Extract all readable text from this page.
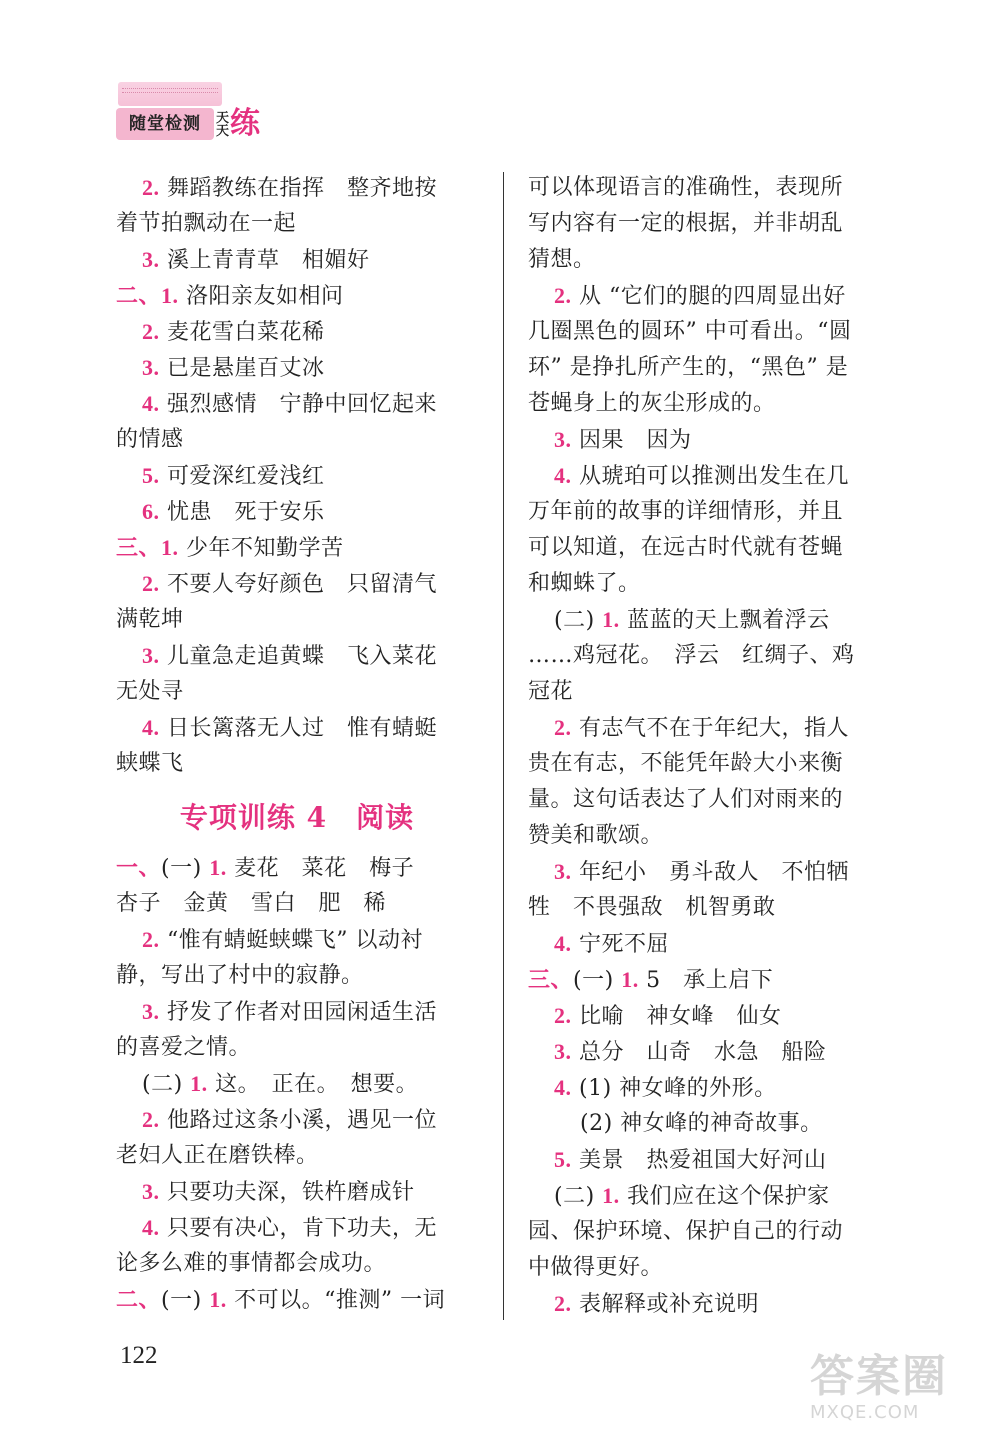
随堂检测	天天 练
2. 舞蹈教练在指挥　整齐地按
着节拍飘动在一起
3. 溪上青青草　相媚好
二、1. 洛阳亲友如相问
2. 麦花雪白菜花稀
3. 已是悬崖百丈冰
4. 强烈感情　宁静中回忆起来
的情感
5. 可爱深红爱浅红
6. 忧患　死于安乐
三、1. 少年不知勤学苦
2. 不要人夸好颜色　只留清气
满乾坤
3. 儿童急走追黄蝶　飞入菜花
无处寻
4. 日长篱落无人过　惟有蜻蜓
蛱蝶飞
专项训练 4　阅读
一、(一) 1. 麦花　菜花　梅子
杏子　金黄　雪白　肥　稀
2. “惟有蜻蜓蛱蝶飞” 以动衬
静，写出了村中的寂静。
3. 抒发了作者对田园闲适生活
的喜爱之情。
(二) 1. 这。　正在。　想要。
2. 他路过这条小溪，遇见一位
老妇人正在磨铁棒。
3. 只要功夫深，铁杵磨成针
4. 只要有决心，肯下功夫，无
论多么难的事情都会成功。
二、(一) 1. 不可以。“推测” 一词
可以体现语言的准确性，表现所
写内容有一定的根据，并非胡乱
猜想。
2. 从 “它们的腿的四周显出好
几圈黑色的圆环” 中可看出。“圆
环” 是挣扎所产生的，“黑色” 是
苍蝇身上的灰尘形成的。
3. 因果　因为
4. 从琥珀可以推测出发生在几
万年前的故事的详细情形，并且
可以知道，在远古时代就有苍蝇
和蜘蛛了。
(二) 1. 蓝蓝的天上飘着浮云
……鸡冠花。　浮云　红绸子、鸡
冠花
2. 有志气不在于年纪大，指人
贵在有志，不能凭年龄大小来衡
量。这句话表达了人们对雨来的
赞美和歌颂。
3. 年纪小　勇斗敌人　不怕牺
牲　不畏强敌　机智勇敢
4. 宁死不屈
三、(一) 1. 5　承上启下
2. 比喻　神女峰　仙女
3. 总分　山奇　水急　船险
4. (1) 神女峰的外形。
(2) 神女峰的神奇故事。
5. 美景　热爱祖国大好河山
(二) 1. 我们应在这个保护家
园、保护环境、保护自己的行动
中做得更好。
2. 表解释或补充说明
122	答案圈
MXQE.COM
